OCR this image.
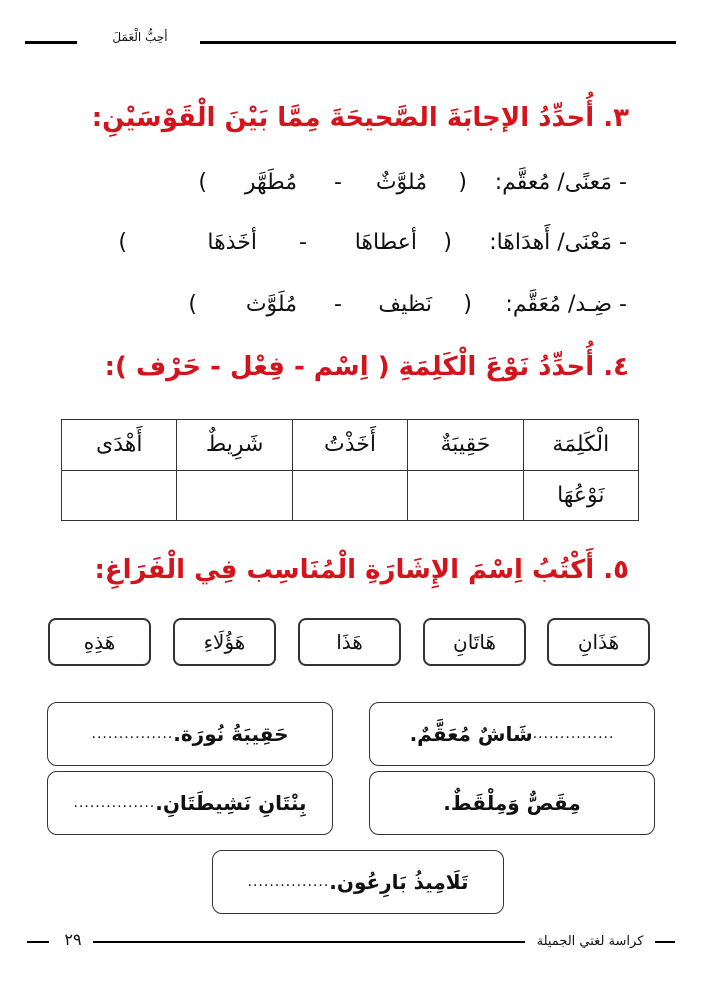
أحِبُّ الْعَمَلَ
٣. أُحدِّدُ الإجابَةَ الصَّحيحَةَ مِمَّا بَيْنَ الْقَوْسَيْنِ:
- مَعنًى/ مُعقَّم:
(
مُلوَّثٌ
-
مُطَهَّر
)
- مَعْنَى/ أَهدَاهَا:
(
أعطاهَا
-
أخَذهَا
)
- ضِـد/ مُعَقَّم:
(
نَظيف
-
مُلَوَّث
)
٤. أُحدِّدُ نَوْعَ الْكَلِمَةِ ( اِسْم - فِعْل - حَرْف ):
الْكَلِمَة	حَقِيبَةٌ	أَخَذْتُ	شَرِيطٌ	أَهْدَى
نَوْعُهَا				
٥. أَكْتُبُ اِسْمَ الإِشَارَةِ الْمُنَاسِب فِي الْفَرَاغِ:
هَذَانِ
هَاتَانِ
هَذَا
هَؤُلَاءِ
هَذِهِ
...............
شَاشٌ مُعَقَّمٌ.
حَقِيبَةُ نُورَة.
...............
مِقَصٌّ وَمِلْقَطٌ.
بِنْتَانِ نَشِيطَتَانِ.
...............
تَلَامِيذُ بَارِعُون.
...............
كراسة لغتي الجميلة
٢٩
